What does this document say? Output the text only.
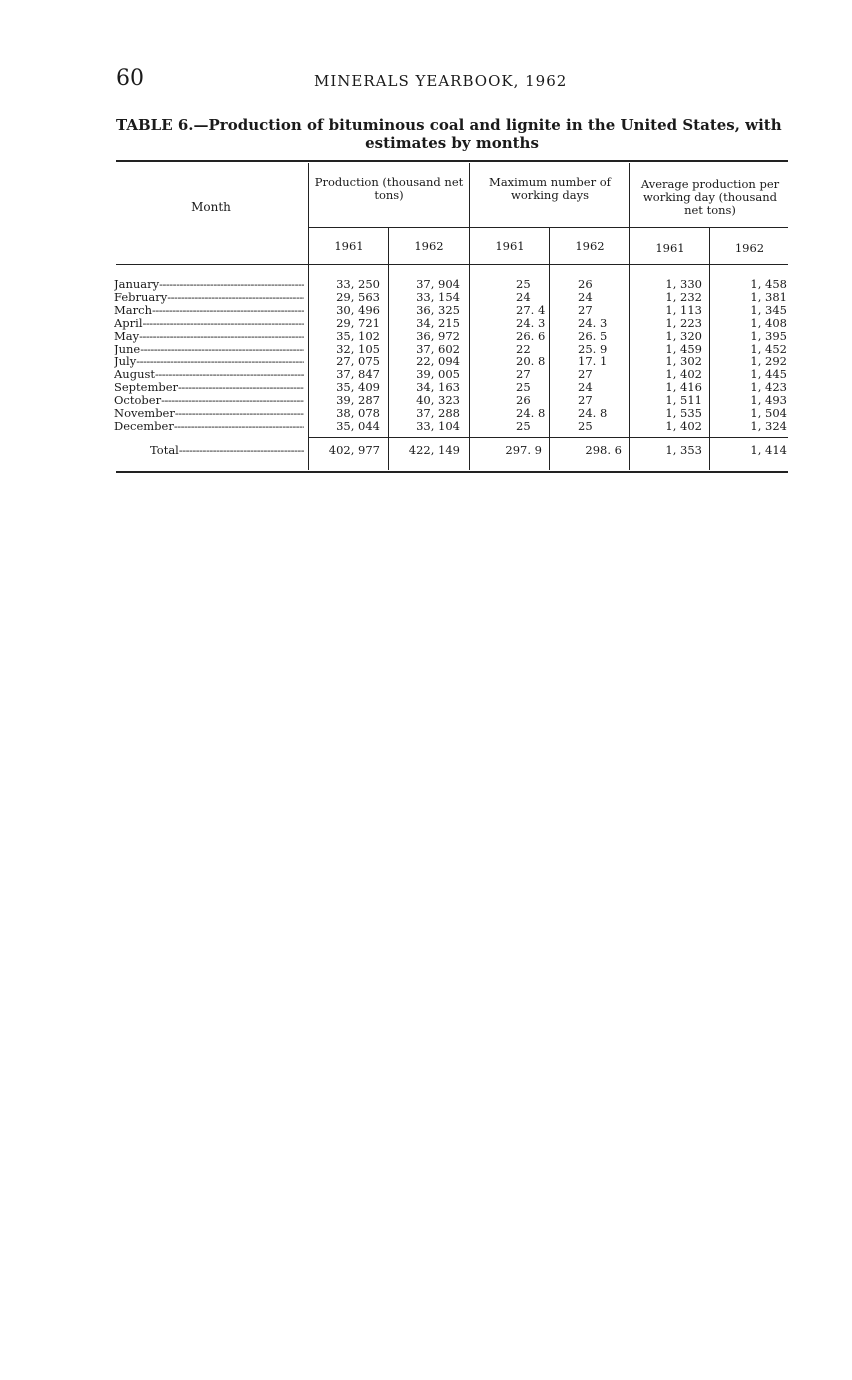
60	MINERALS YEARBOOK, 1962
TABLE 6.—Production of bituminous coal and lignite in the United States, with
estimates by months
Month
Production (thousand net tons)
Maximum number of working days
Average production per working day (thousand net tons)
1961	1962	1961	1962	1961	1962
January -----	33, 250	37, 904	25	26	1, 330	1, 458
February -----	29, 563	33, 154	24	24	1, 232	1, 381
March -----	30, 496	36, 325	27. 4	27	1, 113	1, 345
April -----	29, 721	34, 215	24. 3	24. 3	1, 223	1, 408
May -----	35, 102	36, 972	26. 6	26. 5	1, 320	1, 395
June -----	32, 105	37, 602	22	25. 9	1, 459	1, 452
July -----	27, 075	22, 094	20. 8	17. 1	1, 302	1, 292
August -----	37, 847	39, 005	27	27	1, 402	1, 445
September -----	35, 409	34, 163	25	24	1, 416	1, 423
October -----	39, 287	40, 323	26	27	1, 511	1, 493
November -----	38, 078	37, 288	24. 8	24. 8	1, 535	1, 504
December -----	35, 044	33, 104	25	25	1, 402	1, 324
Total -----	402, 977	422, 149	297. 9	298. 6	1, 353	1, 414
